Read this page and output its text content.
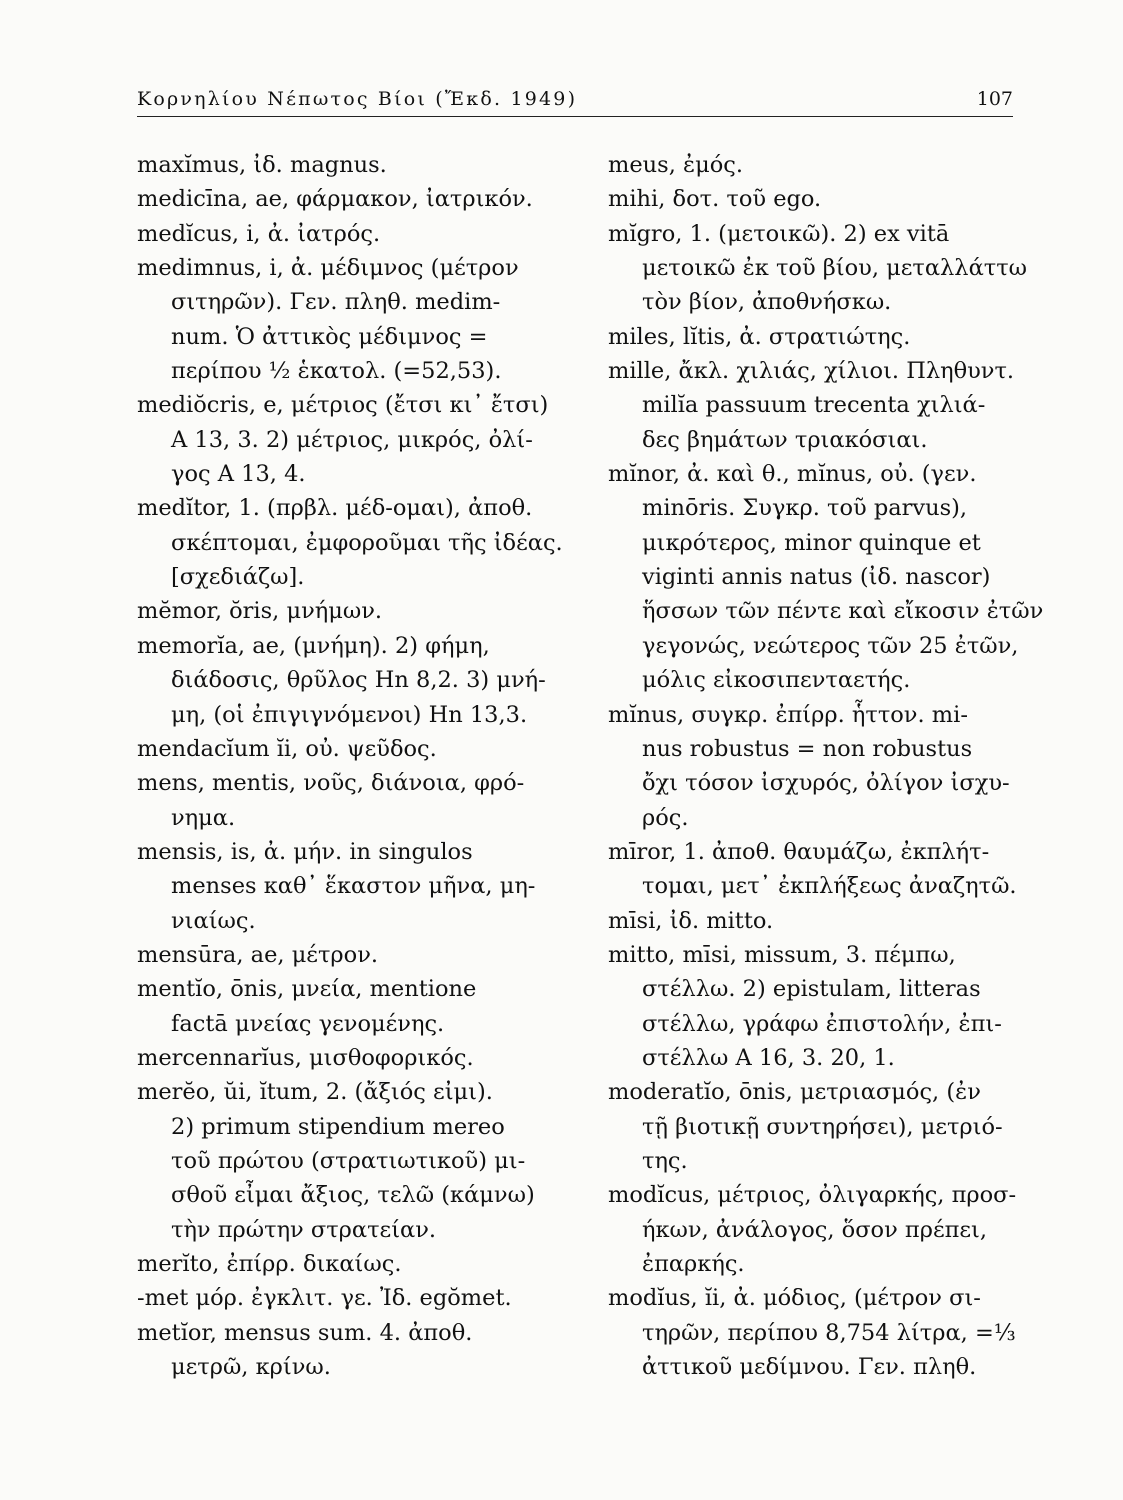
Κορνηλίου Νέπωτος Βίοι (Ἔκδ. 1949)	107
maxĭmus, ἰδ. magnus.
medicīna, ae, φάρμακον, ἰατρικόν.
medĭcus, i, ἀ. ἰατρός.
medimnus, i, ἀ. μέδιμνος (μέτρον
σιτηρῶν). Γεν. πληθ. medim-
num. Ὁ ἀττικὸς μέδιμνος =
περίπου ½ ἑκατολ. (=52,53).
mediŏcris, e, μέτριος (ἔτσι κι᾽ ἔτσι)
Α 13, 3. 2) μέτριος, μικρός, ὀλί-
γος Α 13, 4.
medĭtor, 1. (πρβλ. μέδ-ομαι), ἀποθ.
σκέπτομαι, ἐμφοροῦμαι τῆς ἰδέας.
[σχεδιάζω].
mĕmor, ŏris, μνήμων.
memorĭa, ae, (μνήμη). 2) φήμη,
διάδοσις, θρῦλος Hn 8,2. 3) μνή-
μη, (οἱ ἐπιγιγνόμενοι) Hn 13,3.
mendacĭum ĭi, οὐ. ψεῦδος.
mens, mentis, νοῦς, διάνοια, φρό-
νημα.
mensis, is, ἀ. μήν. in singulos
menses καθ᾽ ἕκαστον μῆνα, μη-
νιαίως.
mensūra, ae, μέτρον.
mentĭo, ōnis, μνεία, mentione
factā μνείας γενομένης.
mercennarĭus, μισθοφορικός.
merĕo, ŭi, ĭtum, 2. (ἄξιός εἰμι).
2) primum stipendium mereo
τοῦ πρώτου (στρατιωτικοῦ) μι-
σθοῦ εἶμαι ἄξιος, τελῶ (κάμνω)
τὴν πρώτην στρατείαν.
merĭto, ἐπίρρ. δικαίως.
-met μόρ. ἐγκλιτ. γε. Ἰδ. egŏmet.
metĭor, mensus sum. 4. ἀποθ.
μετρῶ, κρίνω.
meus, ἐμός.
mihi, δοτ. τοῦ ego.
mĭgro, 1. (μετοικῶ). 2) ex vitā
μετοικῶ ἐκ τοῦ βίου, μεταλλάττω
τὸν βίον, ἀποθνήσκω.
miles, lĭtis, ἀ. στρατιώτης.
mille, ἄκλ. χιλιάς, χίλιοι. Πληθυντ.
milĭa passuum trecenta χιλιά-
δες βημάτων τριακόσιαι.
mĭnor, ἀ. καὶ θ., mĭnus, οὐ. (γεν.
minōris. Συγκρ. τοῦ parvus),
μικρότερος, minor quinque et
viginti annis natus (ἰδ. nascor)
ἥσσων τῶν πέντε καὶ εἴκοσιν ἐτῶν
γεγονώς, νεώτερος τῶν 25 ἐτῶν,
μόλις εἰκοσιπενταετής.
mĭnus, συγκρ. ἐπίρρ. ἧττον. mi-
nus robustus = non robustus
ὄχι τόσον ἰσχυρός, ὀλίγον ἰσχυ-
ρός.
mīror, 1. ἀποθ. θαυμάζω, ἐκπλήτ-
τομαι, μετ᾽ ἐκπλήξεως ἀναζητῶ.
mīsi, ἰδ. mitto.
mitto, mīsi, missum, 3. πέμπω,
στέλλω. 2) epistulam, litteras
στέλλω, γράφω ἐπιστολήν, ἐπι-
στέλλω Α 16, 3. 20, 1.
moderatĭo, ōnis, μετριασμός, (ἐν
τῇ βιοτικῇ συντηρήσει), μετριό-
της.
modĭcus, μέτριος, ὀλιγαρκής, προσ-
ήκων, ἀνάλογος, ὅσον πρέπει,
ἐπαρκής.
modĭus, ĭi, ἀ. μόδιος, (μέτρον σι-
τηρῶν, περίπου 8,754 λίτρα, =⅓
ἀττικοῦ μεδίμνου. Γεν. πληθ.
